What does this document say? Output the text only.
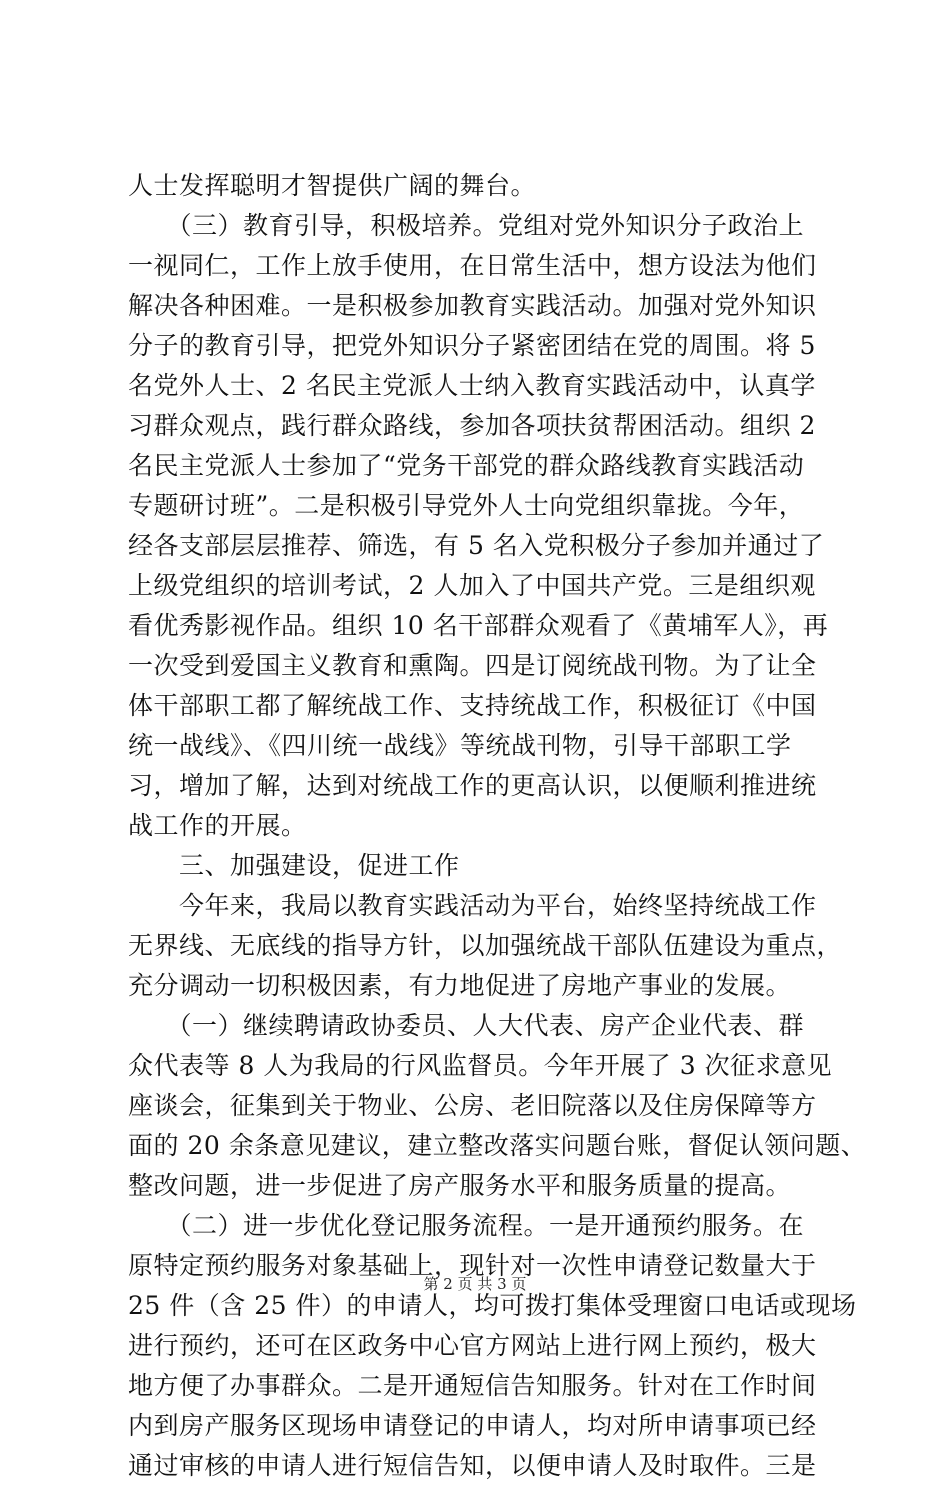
人士发挥聪明才智提供广阔的舞台。
　　（三）教育引导，积极培养。党组对党外知识分子政治上
一视同仁，工作上放手使用，在日常生活中，想方设法为他们
解决各种困难。一是积极参加教育实践活动。加强对党外知识
分子的教育引导，把党外知识分子紧密团结在党的周围。将 5
名党外人士、2 名民主党派人士纳入教育实践活动中，认真学
习群众观点，践行群众路线，参加各项扶贫帮困活动。组织 2
名民主党派人士参加了“党务干部党的群众路线教育实践活动
专题研讨班”。二是积极引导党外人士向党组织靠拢。今年，
经各支部层层推荐、筛选，有 5 名入党积极分子参加并通过了
上级党组织的培训考试，2 人加入了中国共产党。三是组织观
看优秀影视作品。组织 10 名干部群众观看了《黄埔军人》，再
一次受到爱国主义教育和熏陶。四是订阅统战刊物。为了让全
体干部职工都了解统战工作、支持统战工作，积极征订《中国
统一战线》、《四川统一战线》等统战刊物，引导干部职工学
习，增加了解，达到对统战工作的更高认识，以便顺利推进统
战工作的开展。
　　三、加强建设，促进工作
　　今年来，我局以教育实践活动为平台，始终坚持统战工作
无界线、无底线的指导方针，以加强统战干部队伍建设为重点，
充分调动一切积极因素，有力地促进了房地产事业的发展。
　　（一）继续聘请政协委员、人大代表、房产企业代表、群
众代表等 8 人为我局的行风监督员。今年开展了 3 次征求意见
座谈会，征集到关于物业、公房、老旧院落以及住房保障等方
面的 20 余条意见建议，建立整改落实问题台账，督促认领问题、
整改问题，进一步促进了房产服务水平和服务质量的提高。
　　（二）进一步优化登记服务流程。一是开通预约服务。在
原特定预约服务对象基础上，现针对一次性申请登记数量大于
25 件（含 25 件）的申请人，均可拨打集体受理窗口电话或现场
进行预约，还可在区政务中心官方网站上进行网上预约，极大
地方便了办事群众。二是开通短信告知服务。针对在工作时间
内到房产服务区现场申请登记的申请人，均对所申请事项已经
通过审核的申请人进行短信告知，以便申请人及时取件。三是
第 2 页 共 3 页
